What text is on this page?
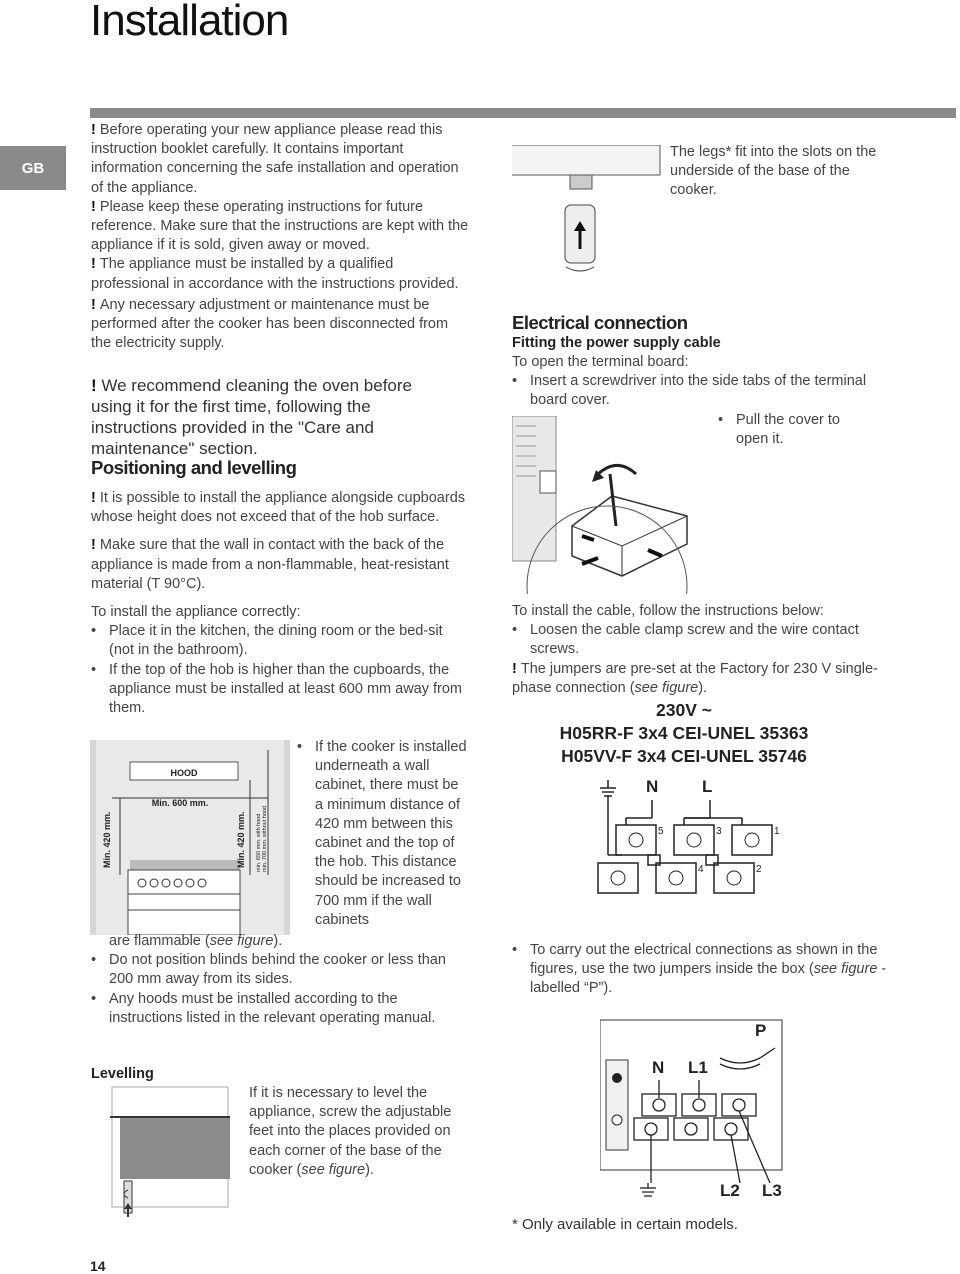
Installation
GB

! Before operating your new appliance please read this instruction booklet carefully. It contains important information concerning the safe installation and operation of the appliance.

! Please keep these operating instructions for future reference. Make sure that the instructions are kept with the appliance if it is sold, given away or moved.

! The appliance must be installed by a qualified professional in accordance with the instructions provided.

! Any necessary adjustment or maintenance must be performed after the cooker has been disconnected from the electricity supply.

! We recommend cleaning the oven before using it for the first time, following the instructions provided in the "Care and maintenance" section.
Positioning and levelling

! It is possible to install the appliance alongside cupboards whose height does not exceed that of the hob surface.

! Make sure that the wall in contact with the back of the appliance is made from a non-flammable, heat-resistant material (T 90°C).

To install the appliance correctly:

• Place it in the kitchen, the dining room or the bed-sit (not in the bathroom).
• If the top of the hob is higher than the cupboards, the appliance must be installed at least 600 mm away from them.
HOOD
Min. 600 mm.
Min. 420 mm.	Min. 420 mm. min. 650 mm. with hood min. 700 mm. without hood
• If the cooker is installed underneath a wall cabinet, there must be a minimum distance of 420 mm between this cabinet and the top of the hob. This distance should be increased to 700 mm if the wall cabinets
are flammable (see figure).
• Do not position blinds behind the cooker or less than 200 mm away from its sides.
• Any hoods must be installed according to the instructions listed in the relevant operating manual.
Levelling
If it is necessary to level the appliance, screw the adjustable feet into the places provided on each corner of the base of the cooker (see figure).
The legs* fit into the slots on the underside of the base of the cooker.
Electrical connection
Fitting the power supply cable

To open the terminal board:

• Insert a screwdriver into the side tabs of the terminal board cover.
• Pull the cover to open it.

To install the cable, follow the instructions below:

• Loosen the cable clamp screw and the wire contact screws.

! The jumpers are pre-set at the Factory for 230 V single-phase connection (see figure).

230V ~
H05RR-F 3x4 CEI-UNEL 35363
H05VV-F 3x4 CEI-UNEL 35746
N	L
5	3	1
4	2
• To carry out the electrical connections as shown in the figures, use the two jumpers inside the box (see figure - labelled “P”).
P
N L1
L2 L3
* Only available in certain models.
14
